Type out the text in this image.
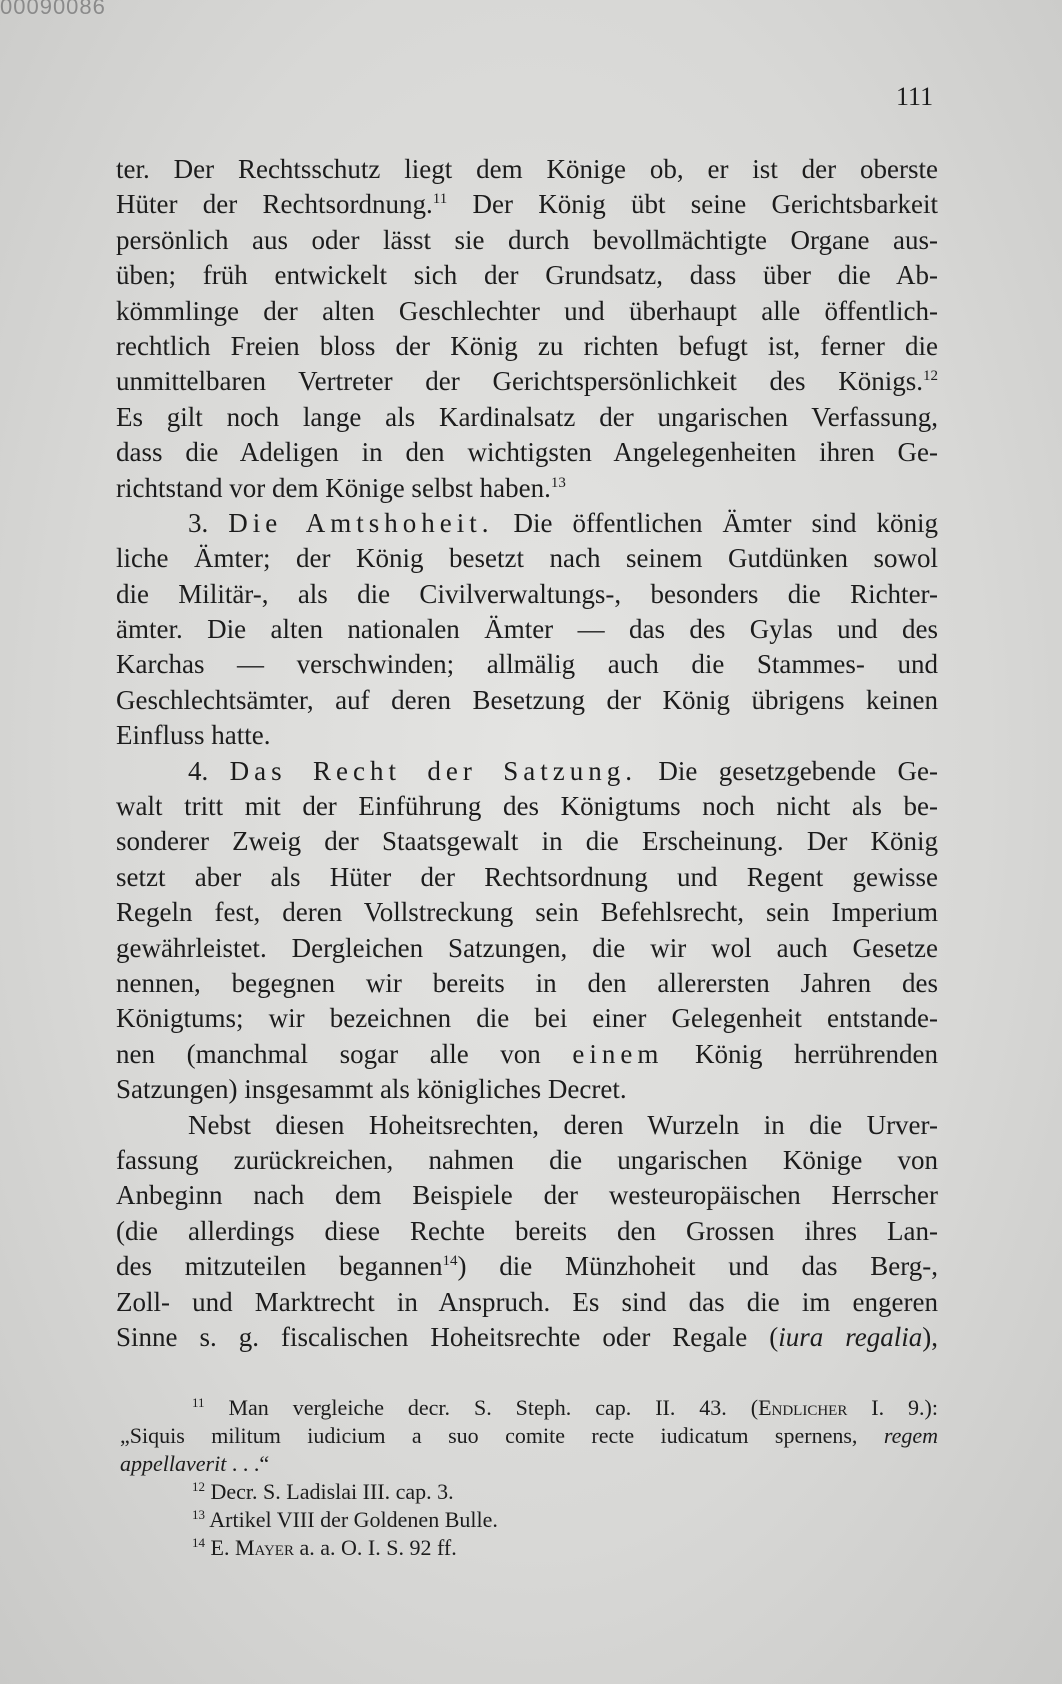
00090086
111
ter. Der Rechtsschutz liegt dem Könige ob, er ist der oberste
Hüter der Rechtsordnung.$^{11}$ Der König übt seine Gerichtsbarkeit
persönlich aus oder lässt sie durch bevollmächtigte Organe aus-
üben; früh entwickelt sich der Grundsatz, dass über die Ab-
kömmlinge der alten Geschlechter und überhaupt alle öffentlich-
rechtlich Freien bloss der König zu richten befugt ist, ferner die
unmittelbaren Vertreter der Gerichtspersönlichkeit des Königs.$^{12}$
Es gilt noch lange als Kardinalsatz der ungarischen Verfassung,
dass die Adeligen in den wichtigsten Angelegenheiten ihren Ge-
richtstand vor dem Könige selbst haben.$^{13}$
3. Die Amtshoheit. Die öffentlichen Ämter sind könig
liche Ämter; der König besetzt nach seinem Gutdünken sowol
die Militär-, als die Civilverwaltungs-, besonders die Richter-
ämter. Die alten nationalen Ämter — das des Gylas und des
Karchas — verschwinden; allmälig auch die Stammes- und
Geschlechtsämter, auf deren Besetzung der König übrigens keinen
Einfluss hatte.
4. Das Recht der Satzung. Die gesetzgebende Ge-
walt tritt mit der Einführung des Königtums noch nicht als be-
sonderer Zweig der Staatsgewalt in die Erscheinung. Der König
setzt aber als Hüter der Rechtsordnung und Regent gewisse
Regeln fest, deren Vollstreckung sein Befehlsrecht, sein Imperium
gewährleistet. Dergleichen Satzungen, die wir wol auch Gesetze
nennen, begegnen wir bereits in den allerersten Jahren des
Königtums; wir bezeichnen die bei einer Gelegenheit entstande-
nen (manchmal sogar alle von einem König herrührenden
Satzungen) insgesammt als königliches Decret.
Nebst diesen Hoheitsrechten, deren Wurzeln in die Urver-
fassung zurückreichen, nahmen die ungarischen Könige von
Anbeginn nach dem Beispiele der westeuropäischen Herrscher
(die allerdings diese Rechte bereits den Grossen ihres Lan-
des mitzuteilen begannen$^{14}$) die Münzhoheit und das Berg-,
Zoll- und Marktrecht in Anspruch. Es sind das die im engeren
Sinne s. g. fiscalischen Hoheitsrechte oder Regale (iura regalia),
$^{11}$ Man vergleiche decr. S. Steph. cap. II. 43. (Endlicher I. 9.):
„Siquis militum iudicium a suo comite recte iudicatum spernens, regem
appellaverit . . .“
$^{12}$ Decr. S. Ladislai III. cap. 3.
$^{13}$ Artikel VIII der Goldenen Bulle.
$^{14}$ E. Mayer a. a. O. I. S. 92 ff.
